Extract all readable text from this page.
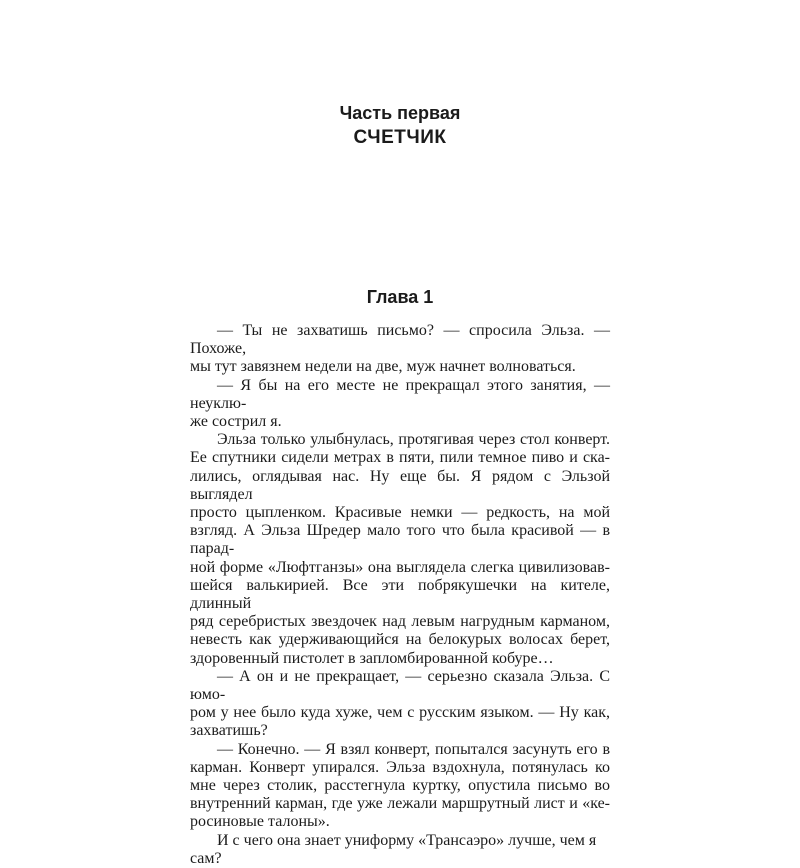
Часть первая
СЧЕТЧИК
Глава 1
— Ты не захватишь письмо? — спросила Эльза. — Похоже,
мы тут завязнем недели на две, муж начнет волноваться.
— Я бы на его месте не прекращал этого занятия, — неуклю-
же сострил я.
Эльза только улыбнулась, протягивая через стол конверт.
Ее спутники сидели метрах в пяти, пили темное пиво и ска-
лились, оглядывая нас. Ну еще бы. Я рядом с Эльзой выглядел
просто цыпленком. Красивые немки — редкость, на мой
взгляд. А Эльза Шредер мало того что была красивой — в парад-
ной форме «Люфтганзы» она выглядела слегка цивилизовав-
шейся валькирией. Все эти побрякушечки на кителе, длинный
ряд серебристых звездочек над левым нагрудным карманом,
невесть как удерживающийся на белокурых волосах берет,
здоровенный пистолет в запломбированной кобуре…
— А он и не прекращает, — серьезно сказала Эльза. С юмо-
ром у нее было куда хуже, чем с русским языком. — Ну как,
захватишь?
— Конечно. — Я взял конверт, попытался засунуть его в
карман. Конверт упирался. Эльза вздохнула, потянулась ко
мне через столик, расстегнула куртку, опустила письмо во
внутренний карман, где уже лежали маршрутный лист и «ке-
росиновые талоны».
И с чего она знает униформу «Трансаэро» лучше, чем я сам?
